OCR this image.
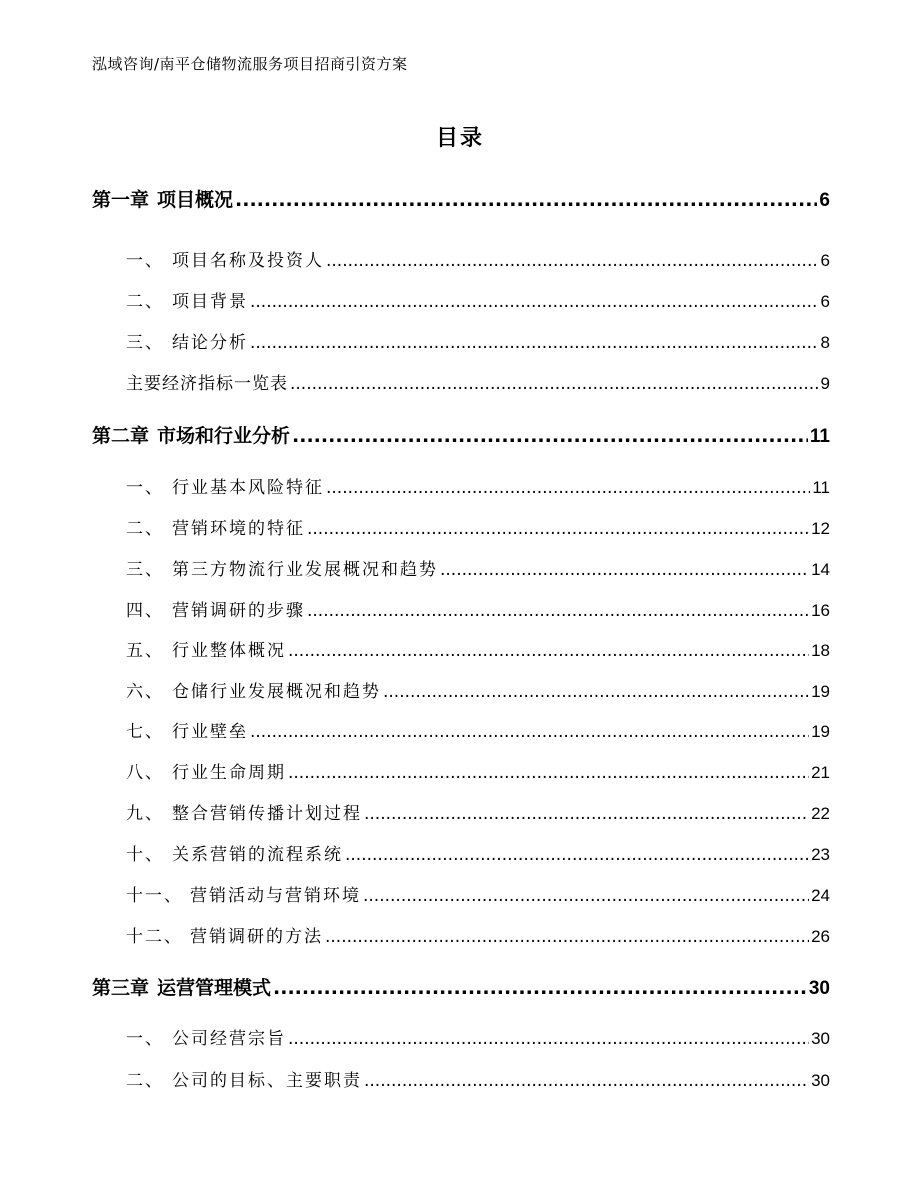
泓域咨询/南平仓储物流服务项目招商引资方案
目录
第一章 项目概况 .....	6
一、 项目名称及投资人 .....	6
二、 项目背景 .....	6
三、 结论分析 .....	8
主要经济指标一览表 .....	9
第二章 市场和行业分析 .....	11
一、 行业基本风险特征 .....	11
二、 营销环境的特征 .....	12
三、 第三方物流行业发展概况和趋势 .....	14
四、 营销调研的步骤 .....	16
五、 行业整体概况 .....	18
六、 仓储行业发展概况和趋势 .....	19
七、 行业壁垒 .....	19
八、 行业生命周期 .....	21
九、 整合营销传播计划过程 .....	22
十、 关系营销的流程系统 .....	23
十一、 营销活动与营销环境 .....	24
十二、 营销调研的方法 .....	26
第三章 运营管理模式 .....	30
一、 公司经营宗旨 .....	30
二、 公司的目标、主要职责 .....	30
